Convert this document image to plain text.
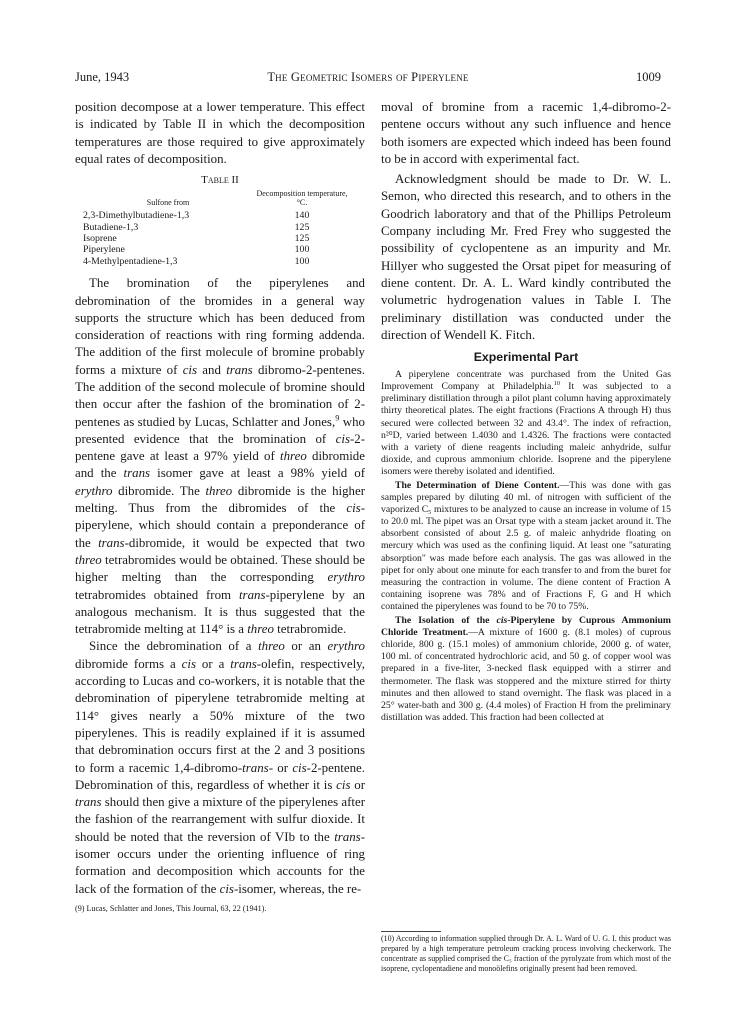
June, 1943	The Geometric Isomers of Piperylene	1009

position decompose at a lower temperature. This effect is indicated by Table II in which the decomposition temperatures are those required to give approximately equal rates of decomposition.

Table II
Sulfone from	Decomposition temperature, °C.
2,3-Dimethylbutadiene-1,3	140
Butadiene-1,3	125
Isoprene	125
Piperylene	100
4-Methylpentadiene-1,3	100

The bromination of the piperylenes and debromination of the bromides in a general way supports the structure which has been deduced from consideration of reactions with ring forming addenda. The addition of the first molecule of bromine probably forms a mixture of cis and trans dibromo-2-pentenes. The addition of the second molecule of bromine should then occur after the fashion of the bromination of 2-pentenes as studied by Lucas, Schlatter and Jones,$^9$ who presented evidence that the bromination of cis-2-pentene gave at least a 97% yield of threo dibromide and the trans isomer gave at least a 98% yield of erythro dibromide. The threo dibromide is the higher melting. Thus from the dibromides of the cis-piperylene, which should contain a preponderance of the trans-dibromide, it would be expected that two threo tetrabromides would be obtained. These should be higher melting than the corresponding erythro tetrabromides obtained from trans-piperylene by an analogous mechanism. It is thus suggested that the tetrabromide melting at 114° is a threo tetrabromide.

Since the debromination of a threo or an erythro dibromide forms a cis or a trans-olefin, respectively, according to Lucas and co-workers, it is notable that the debromination of piperylene tetrabromide melting at 114° gives nearly a 50% mixture of the two piperylenes. This is readily explained if it is assumed that debromination occurs first at the 2 and 3 positions to form a racemic 1,4-dibromo-trans- or cis-2-pentene. Debromination of this, regardless of whether it is cis or trans should then give a mixture of the piperylenes after the fashion of the rearrangement with sulfur dioxide. It should be noted that the reversion of VIb to the trans-isomer occurs under the orienting influence of ring formation and decomposition which accounts for the lack of the formation of the cis-isomer, whereas, the re-

(9) Lucas, Schlatter and Jones, This Journal, 63, 22 (1941).

moval of bromine from a racemic 1,4-dibromo-2-pentene occurs without any such influence and hence both isomers are expected which indeed has been found to be in accord with experimental fact.

Acknowledgment should be made to Dr. W. L. Semon, who directed this research, and to others in the Goodrich laboratory and that of the Phillips Petroleum Company including Mr. Fred Frey who suggested the possibility of cyclopentene as an impurity and Mr. Hillyer who suggested the Orsat pipet for measuring of diene content. Dr. A. L. Ward kindly contributed the volumetric hydrogenation values in Table I. The preliminary distillation was conducted under the direction of Wendell K. Fitch.

Experimental Part

A piperylene concentrate was purchased from the United Gas Improvement Company at Philadelphia.$^{10}$ It was subjected to a preliminary distillation through a pilot plant column having approximately thirty theoretical plates. The eight fractions (Fractions A through H) thus secured were collected between 32 and 43.4°. The index of refraction, n²⁰D, varied between 1.4030 and 1.4326. The fractions were contacted with a variety of diene reagents including maleic anhydride, sulfur dioxide, and cuprous ammonium chloride. Isoprene and the piperylene isomers were thereby isolated and identified.

The Determination of Diene Content.—This was done with gas samples prepared by diluting 40 ml. of nitrogen with sufficient of the vaporized C₅ mixtures to be analyzed to cause an increase in volume of 15 to 20.0 ml. The pipet was an Orsat type with a steam jacket around it. The absorbent consisted of about 2.5 g. of maleic anhydride floating on mercury which was used as the confining liquid. At least one "saturating absorption" was made before each analysis. The gas was allowed in the pipet for only about one minute for each transfer to and from the buret for measuring the contraction in volume. The diene content of Fraction A containing isoprene was 78% and of Fractions F, G and H which contained the piperylenes was found to be 70 to 75%.

The Isolation of the cis-Piperylene by Cuprous Ammonium Chloride Treatment.—A mixture of 1600 g. (8.1 moles) of cuprous chloride, 800 g. (15.1 moles) of ammonium chloride, 2000 g. of water, 100 ml. of concentrated hydrochloric acid, and 50 g. of copper wool was prepared in a five-liter, 3-necked flask equipped with a stirrer and thermometer. The flask was stoppered and the mixture stirred for thirty minutes and then allowed to stand overnight. The flask was placed in a 25° water-bath and 300 g. (4.4 moles) of Fraction H from the preliminary distillation was added. This fraction had been collected at

(10) According to information supplied through Dr. A. L. Ward of U. G. I. this product was prepared by a high temperature petroleum cracking process involving checkerwork. The concentrate as supplied comprised the C₅ fraction of the pyrolyzate from which most of the isoprene, cyclopentadiene and monoölefins originally present had been removed.
